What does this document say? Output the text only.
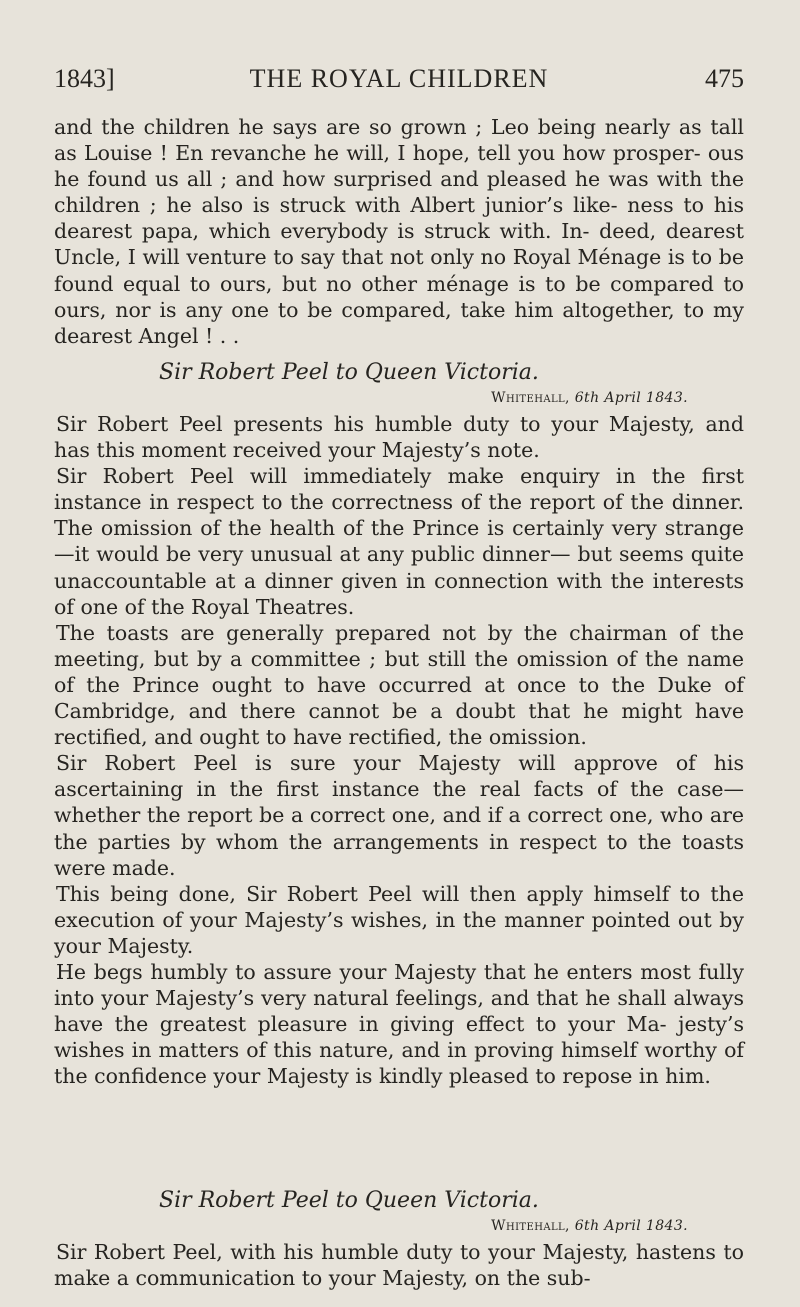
1843]	THE ROYAL CHILDREN	475

and the children he says are so grown ; Leo being nearly as tall as Louise ! En revanche he will, I hope, tell you how prosper- ous he found us all ; and how surprised and pleased he was with the children ; he also is struck with Albert junior’s like- ness to his dearest papa, which everybody is struck with. In- deed, dearest Uncle, I will venture to say that not only no Royal Ménage is to be found equal to ours, but no other ménage is to be compared to ours, nor is any one to be compared, take him altogether, to my dearest Angel ! . .

Sir Robert Peel to Queen Victoria.

Whitehall, 6th April 1843.

Sir Robert Peel presents his humble duty to your Majesty, and has this moment received your Majesty’s note.

Sir Robert Peel will immediately make enquiry in the first instance in respect to the correctness of the report of the dinner. The omission of the health of the Prince is certainly very strange—it would be very unusual at any public dinner— but seems quite unaccountable at a dinner given in connection with the interests of one of the Royal Theatres.

The toasts are generally prepared not by the chairman of the meeting, but by a committee ; but still the omission of the name of the Prince ought to have occurred at once to the Duke of Cambridge, and there cannot be a doubt that he might have rectified, and ought to have rectified, the omission.

Sir Robert Peel is sure your Majesty will approve of his ascertaining in the first instance the real facts of the case— whether the report be a correct one, and if a correct one, who are the parties by whom the arrangements in respect to the toasts were made.

This being done, Sir Robert Peel will then apply himself to the execution of your Majesty’s wishes, in the manner pointed out by your Majesty.

He begs humbly to assure your Majesty that he enters most fully into your Majesty’s very natural feelings, and that he shall always have the greatest pleasure in giving effect to your Ma- jesty’s wishes in matters of this nature, and in proving himself worthy of the confidence your Majesty is kindly pleased to repose in him.

Sir Robert Peel to Queen Victoria.

Whitehall, 6th April 1843.

Sir Robert Peel, with his humble duty to your Majesty, hastens to make a communication to your Majesty, on the sub-
